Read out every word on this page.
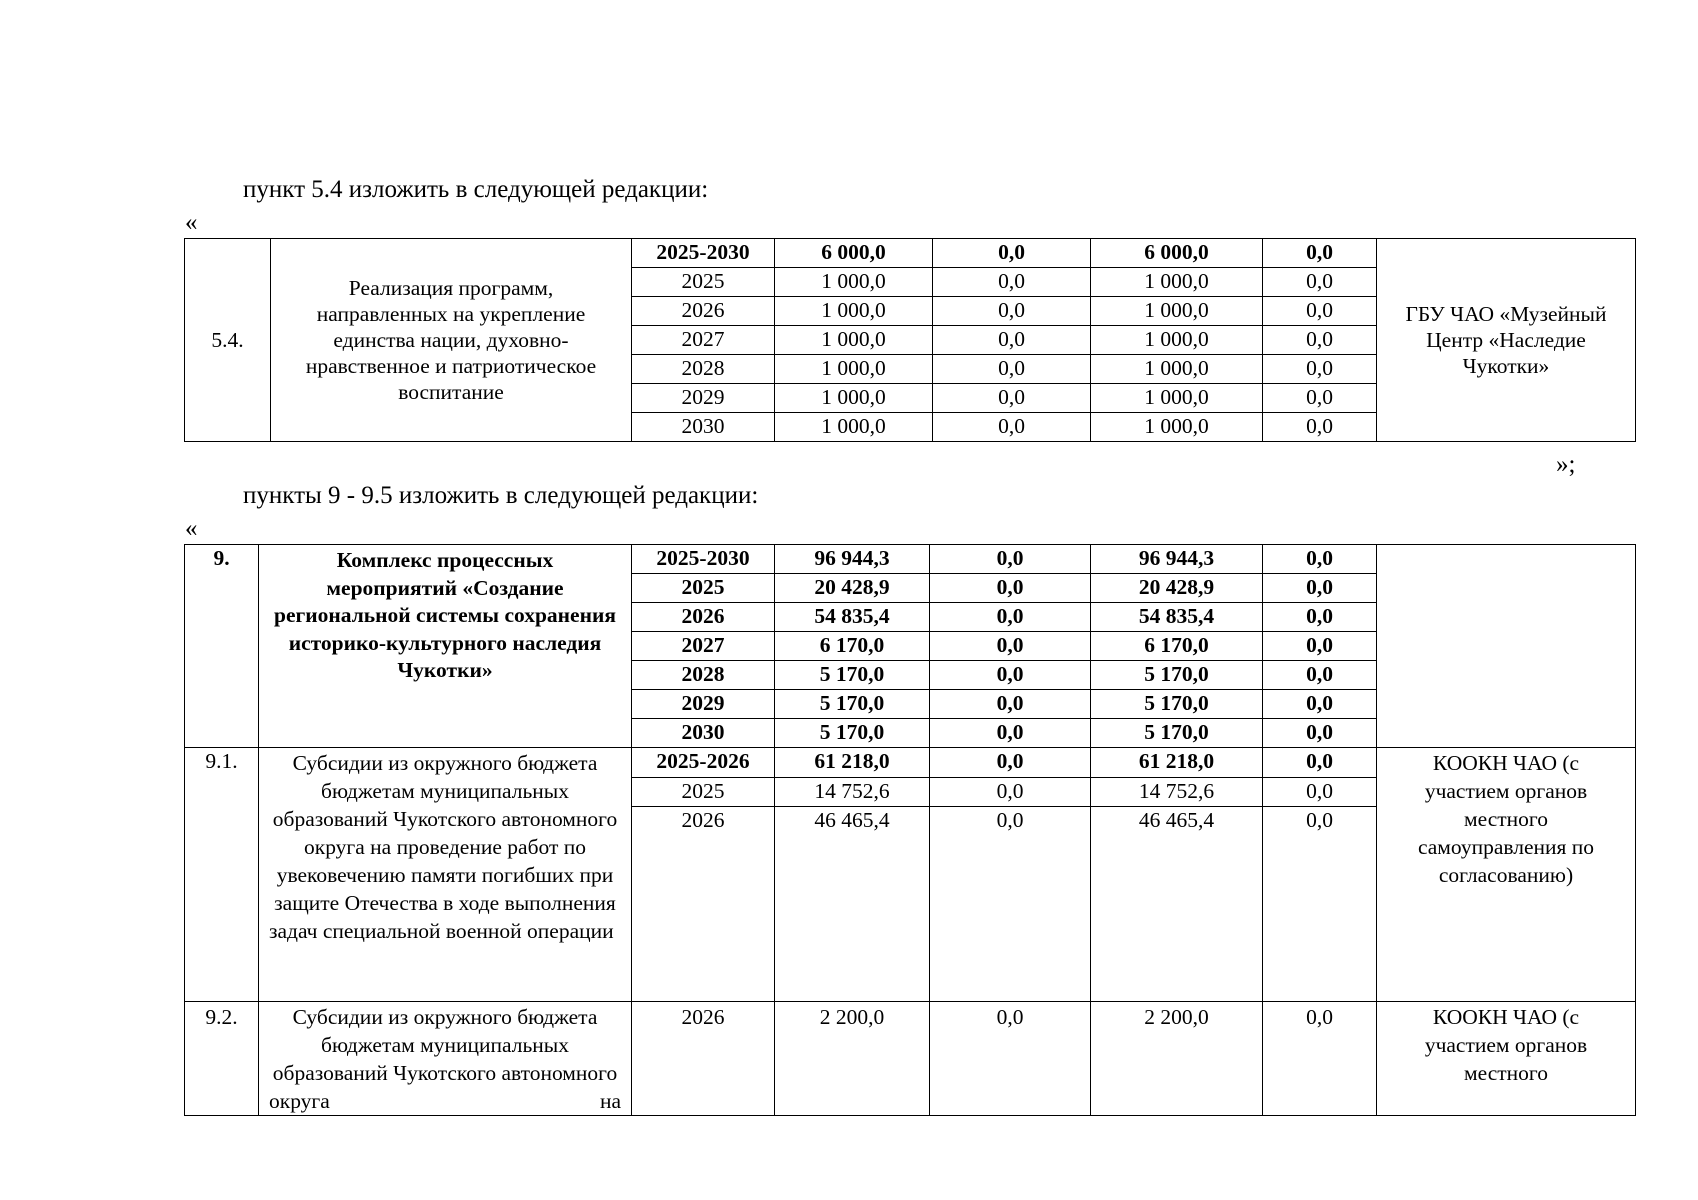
пункт 5.4 изложить в следующей редакции:
«
5.4.	Реализация программ, направленных на укрепление единства нации, духовно-нравственное и патриотическое воспитание	2025-2030	6 000,0	0,0	6 000,0	0,0	ГБУ ЧАО «Музейный Центр «Наследие Чукотки»
		2025	1 000,0	0,0	1 000,0	0,0	
		2026	1 000,0	0,0	1 000,0	0,0	
		2027	1 000,0	0,0	1 000,0	0,0	
		2028	1 000,0	0,0	1 000,0	0,0	
		2029	1 000,0	0,0	1 000,0	0,0	
		2030	1 000,0	0,0	1 000,0	0,0	
»;
пункты 9 - 9.5 изложить в следующей редакции:
«
9.	Комплекс процессных мероприятий «Создание региональной системы сохранения историко-культурного наследия Чукотки»	2025-2030	96 944,3	0,0	96 944,3	0,0	
		2025	20 428,9	0,0	20 428,9	0,0	
		2026	54 835,4	0,0	54 835,4	0,0	
		2027	6 170,0	0,0	6 170,0	0,0	
		2028	5 170,0	0,0	5 170,0	0,0	
		2029	5 170,0	0,0	5 170,0	0,0	
		2030	5 170,0	0,0	5 170,0	0,0	
9.1.	Субсидии из окружного бюджета бюджетам муниципальных образований Чукотского автономного округа на проведение работ по увековечению памяти погибших при защите Отечества в ходе выполнения задач специальной военной операции	2025-2026	61 218,0	0,0	61 218,0	0,0	КООКН ЧАО (с участием органов местного самоуправления по согласованию)
		2025	14 752,6	0,0	14 752,6	0,0	
		2026	46 465,4	0,0	46 465,4	0,0	
9.2.	Субсидии из окружного бюджета бюджетам муниципальных образований Чукотского автономного округа на	2026	2 200,0	0,0	2 200,0	0,0	КООКН ЧАО (с участием органов местного
